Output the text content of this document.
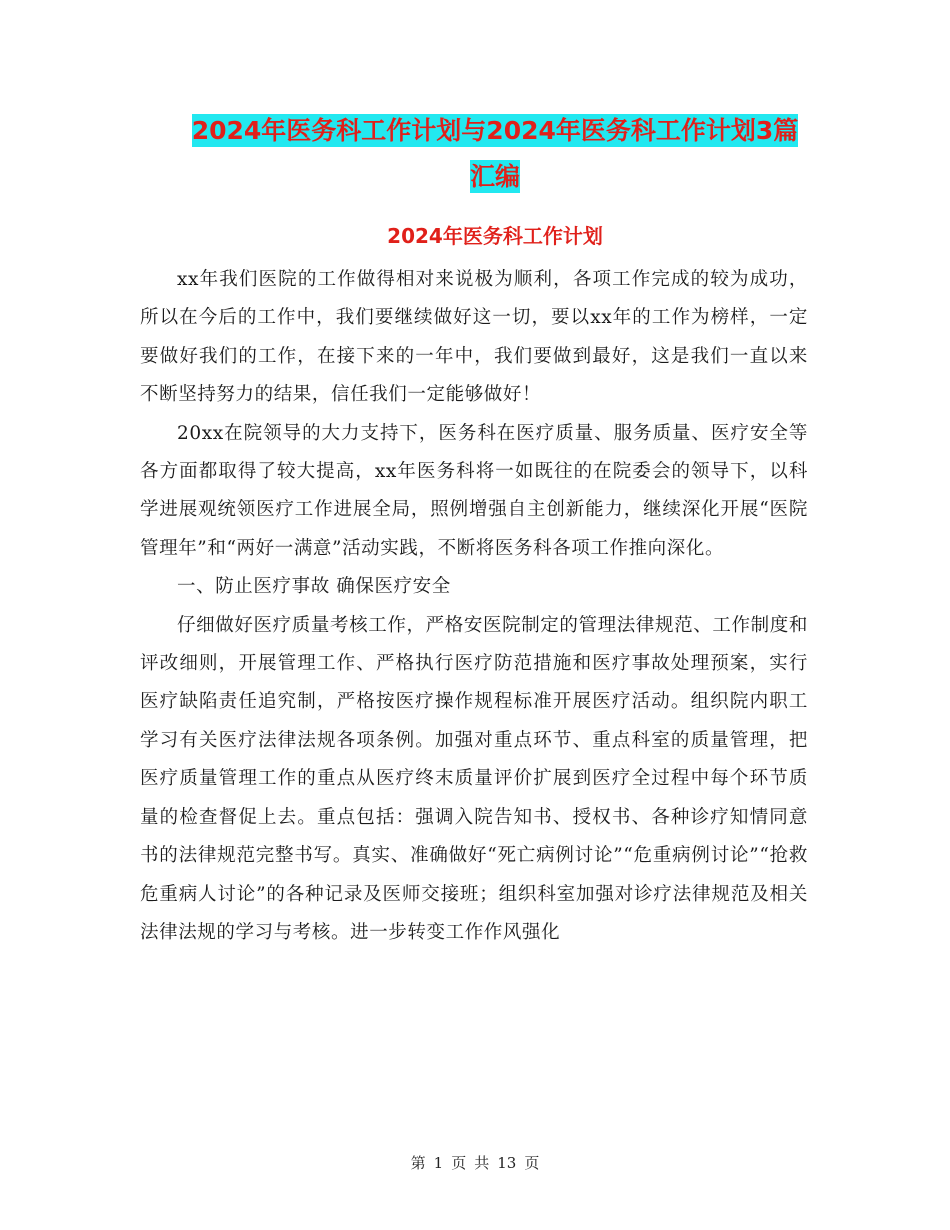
2024年医务科工作计划与2024年医务科工作计划3篇
汇编
2024年医务科工作计划

xx年我们医院的工作做得相对来说极为顺利，各项工作完成的较为成功，所以在今后的工作中，我们要继续做好这一切，要以xx年的工作为榜样，一定要做好我们的工作，在接下来的一年中，我们要做到最好，这是我们一直以来不断坚持努力的结果，信任我们一定能够做好！

20xx在院领导的大力支持下，医务科在医疗质量、服务质量、医疗安全等各方面都取得了较大提高，xx年医务科将一如既往的在院委会的领导下，以科学进展观统领医疗工作进展全局，照例增强自主创新能力，继续深化开展“医院管理年”和“两好一满意”活动实践，不断将医务科各项工作推向深化。

一、防止医疗事故 确保医疗安全

仔细做好医疗质量考核工作，严格安医院制定的管理法律规范、工作制度和评改细则，开展管理工作、严格执行医疗防范措施和医疗事故处理预案，实行医疗缺陷责任追究制，严格按医疗操作规程标准开展医疗活动。组织院内职工学习有关医疗法律法规各项条例。加强对重点环节、重点科室的质量管理，把医疗质量管理工作的重点从医疗终末质量评价扩展到医疗全过程中每个环节质量的检查督促上去。重点包括：强调入院告知书、授权书、各种诊疗知情同意书的法律规范完整书写。真实、准确做好“死亡病例讨论”“危重病例讨论”“抢救危重病人讨论”的各种记录及医师交接班；组织科室加强对诊疗法律规范及相关法律法规的学习与考核。进一步转变工作作风强化

第 1 页 共 13 页
